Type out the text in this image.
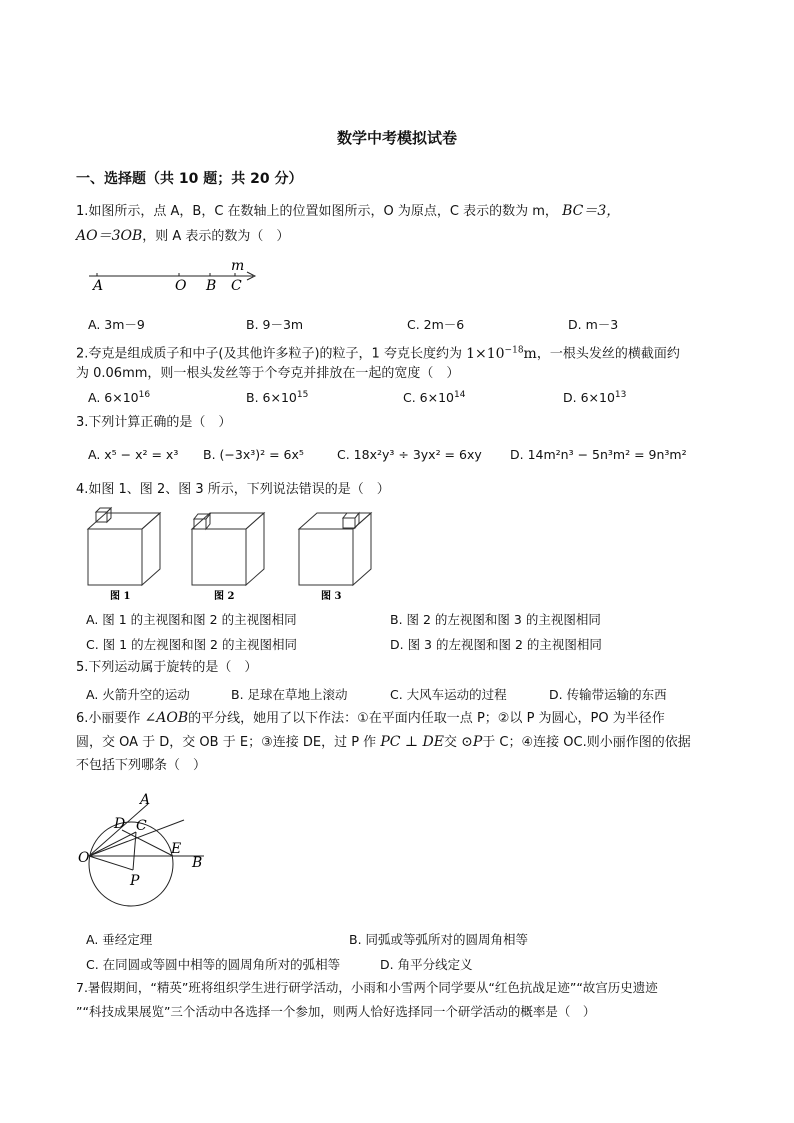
数学中考模拟试卷
一、选择题（共 10 题；共 20 分）
1.如图所示，点 A，B，C 在数轴上的位置如图所示，O 为原点，C 表示的数为 m， BC＝3，
AO＝3OB，则 A 表示的数为（　）
A	O B C
m
A. 3m－9	B. 9－3m	C. 2m－6	D. m－3
2.夸克是组成质子和中子(及其他许多粒子)的粒子，1 夸克长度约为 $1\times 10^{-18}m$，一根头发丝的横截面约
为 0.06mm，则一根头发丝等于个夸克并排放在一起的宽度（　）
A. $6\times 10^{16}$	B. $6\times 10^{15}$	C. $6\times 10^{14}$	D. $6\times 10^{13}$
3.下列计算正确的是（　）
A. x⁵ − x² = x³ B. (−3x³)² = 6x⁵	C. 18x²y³ ÷ 3yx² = 6xy D. 14m²n³ − 5n³m² = 9n³m²
4.如图 1、图 2、图 3 所示，下列说法错误的是（　）
图 1	图 2	图 3
A. 图 1 的主视图和图 2 的主视图相同	B. 图 2 的左视图和图 3 的主视图相同
C. 图 1 的左视图和图 2 的主视图相同	D. 图 3 的左视图和图 2 的主视图相同
5.下列运动属于旋转的是（　）
A. 火箭升空的运动	B. 足球在草地上滚动	C. 大风车运动的过程	D. 传输带运输的东西
6.小丽要作 ∠AOB的平分线，她用了以下作法：①在平面内任取一点 P；②以 P 为圆心，PO 为半径作
圆，交 OA 于 D，交 OB 于 E；③连接 DE，过 P 作 PC ⊥ DE交 ⊙P于 C；④连接 OC.则小丽作图的依据
不包括下列哪条（　）
A
D C
O
E
B
P
A. 垂经定理	B. 同弧或等弧所对的圆周角相等
C. 在同圆或等圆中相等的圆周角所对的弧相等	D. 角平分线定义
7.暑假期间，“精英”班将组织学生进行研学活动，小雨和小雪两个同学要从“红色抗战足迹”“故宫历史遗迹
”“科技成果展览”三个活动中各选择一个参加，则两人恰好选择同一个研学活动的概率是（　）
